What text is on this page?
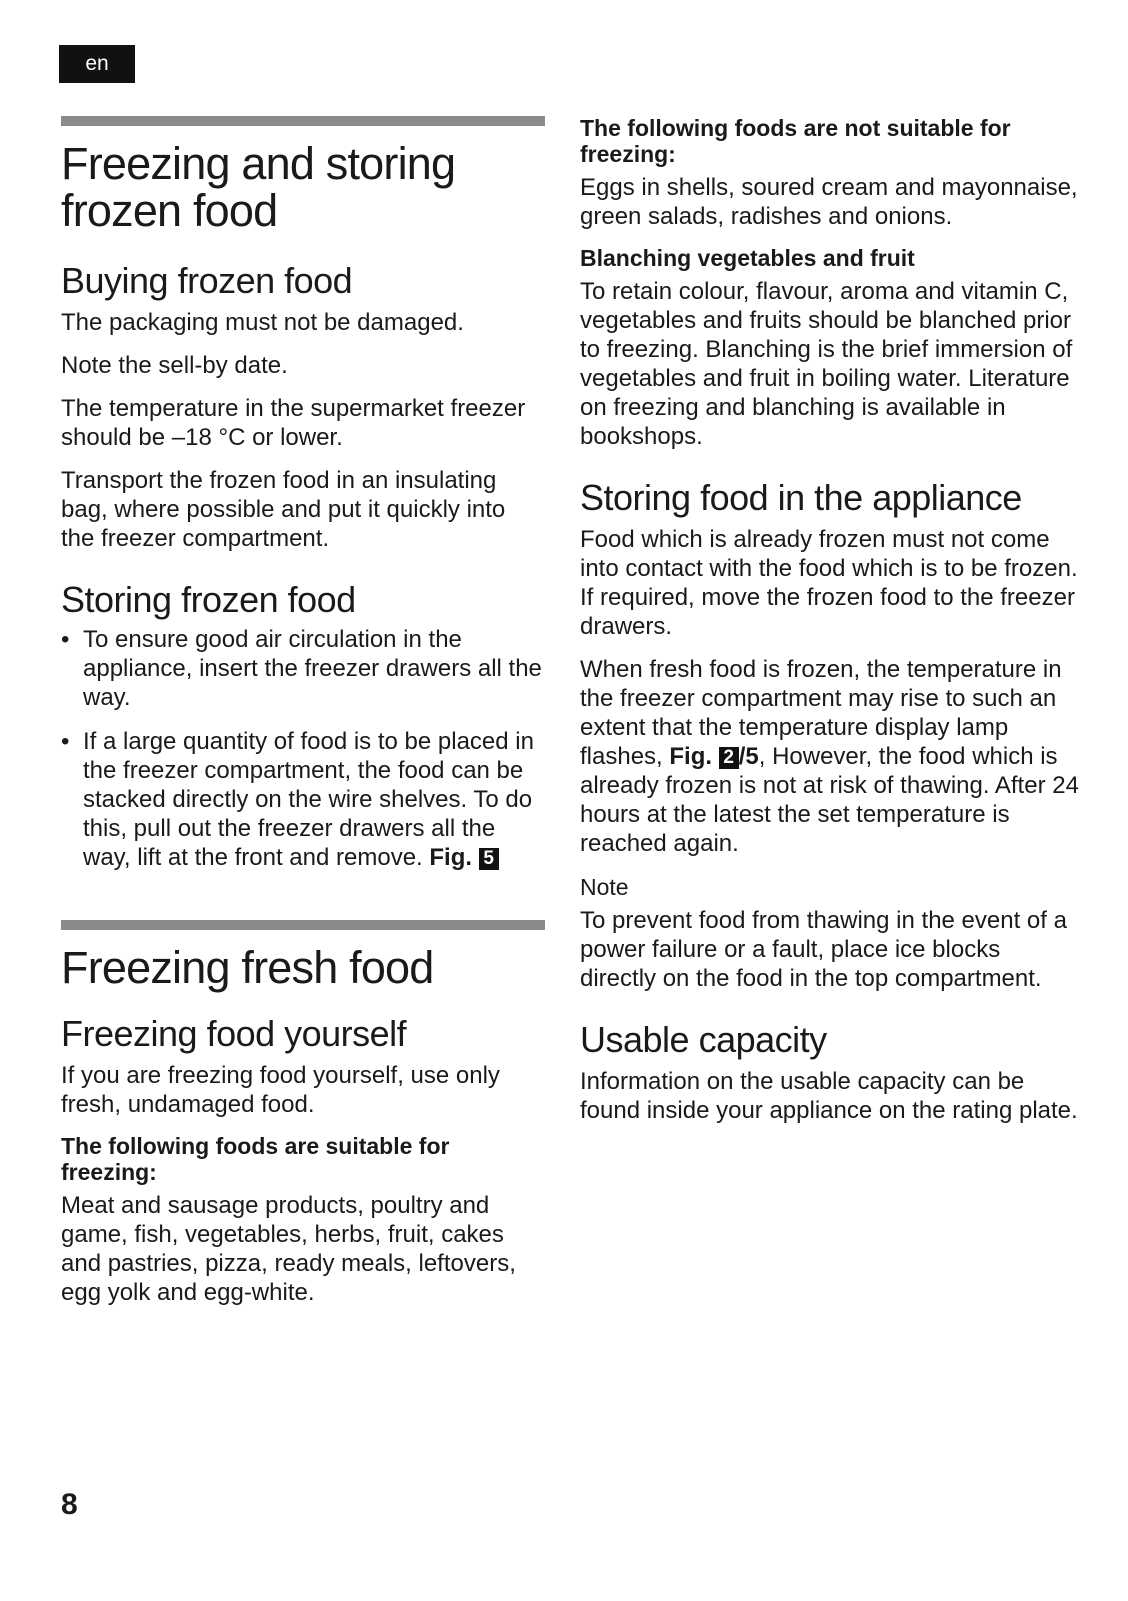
en
Freezing and storing frozen food
Buying frozen food

The packaging must not be damaged.

Note the sell-by date.

The temperature in the supermarket freezer should be –18 °C or lower.

Transport the frozen food in an insulating bag, where possible and put it quickly into the freezer compartment.

Storing frozen food
• To ensure good air circulation in the appliance, insert the freezer drawers all the way.
• If a large quantity of food is to be placed in the freezer compartment, the food can be stacked directly on the wire shelves. To do this, pull out the freezer drawers all the way, lift at the front and remove. Fig. 5
Freezing fresh food
Freezing food yourself

If you are freezing food yourself, use only fresh, undamaged food.

The following foods are suitable for freezing:

Meat and sausage products, poultry and game, fish, vegetables, herbs, fruit, cakes and pastries, pizza, ready meals, leftovers, egg yolk and egg-white.

The following foods are not suitable for freezing:

Eggs in shells, soured cream and mayonnaise, green salads, radishes and onions.

Blanching vegetables and fruit

To retain colour, flavour, aroma and vitamin C, vegetables and fruits should be blanched prior to freezing. Blanching is the brief immersion of vegetables and fruit in boiling water. Literature on freezing and blanching is available in bookshops.

Storing food in the appliance

Food which is already frozen must not come into contact with the food which is to be frozen. If required, move the frozen food to the freezer drawers.

When fresh food is frozen, the temperature in the freezer compartment may rise to such an extent that the temperature display lamp flashes, Fig. 2 /5, However, the food which is already frozen is not at risk of thawing. After 24 hours at the latest the set temperature is reached again.

Note

To prevent food from thawing in the event of a power failure or a fault, place ice blocks directly on the food in the top compartment.

Usable capacity

Information on the usable capacity can be found inside your appliance on the rating plate.

8
